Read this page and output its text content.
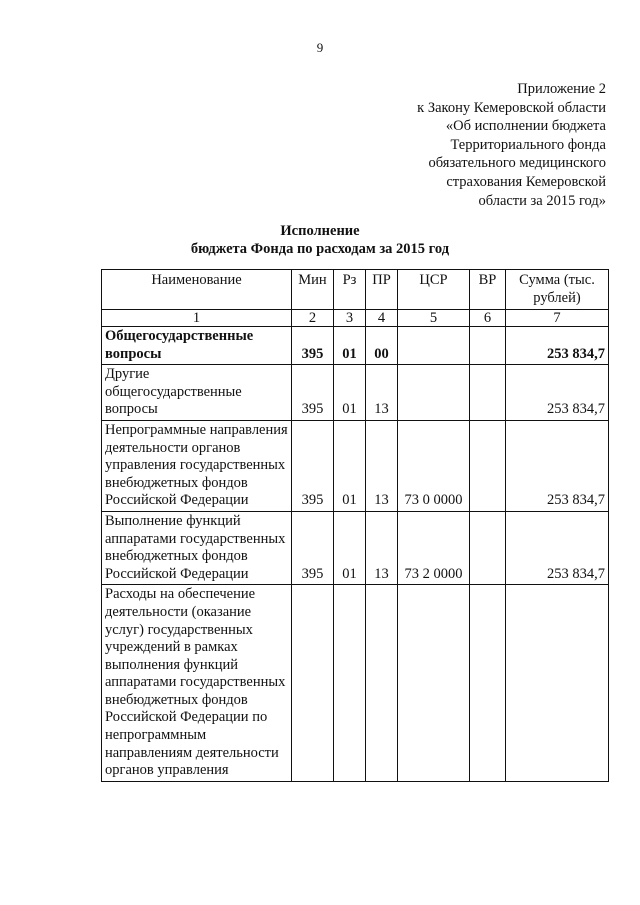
9
Приложение 2
к Закону Кемеровской области
«Об исполнении бюджета
Территориального фонда
обязательного медицинского
страхования Кемеровской
области за 2015 год»
Исполнение
бюджета Фонда по расходам за 2015 год
Наименование	Мин	Рз	ПР	ЦСР	ВР	Сумма (тыс. рублей)
1	2	3	4	5	6	7
Общегосударственные вопросы	395	01	00			253 834,7
Другие общегосударственные вопросы	395	01	13			253 834,7
Непрограммные направления деятельности органов управления государственных внебюджетных фондов Российской Федерации	395	01	13	73 0 0000		253 834,7
Выполнение функций аппаратами государственных внебюджетных фондов Российской Федерации	395	01	13	73 2 0000		253 834,7
Расходы на обеспечение деятельности (оказание услуг) государственных учреждений в рамках выполнения функций аппаратами государственных внебюджетных фондов Российской Федерации по непрограммным направлениям деятельности органов управления						
